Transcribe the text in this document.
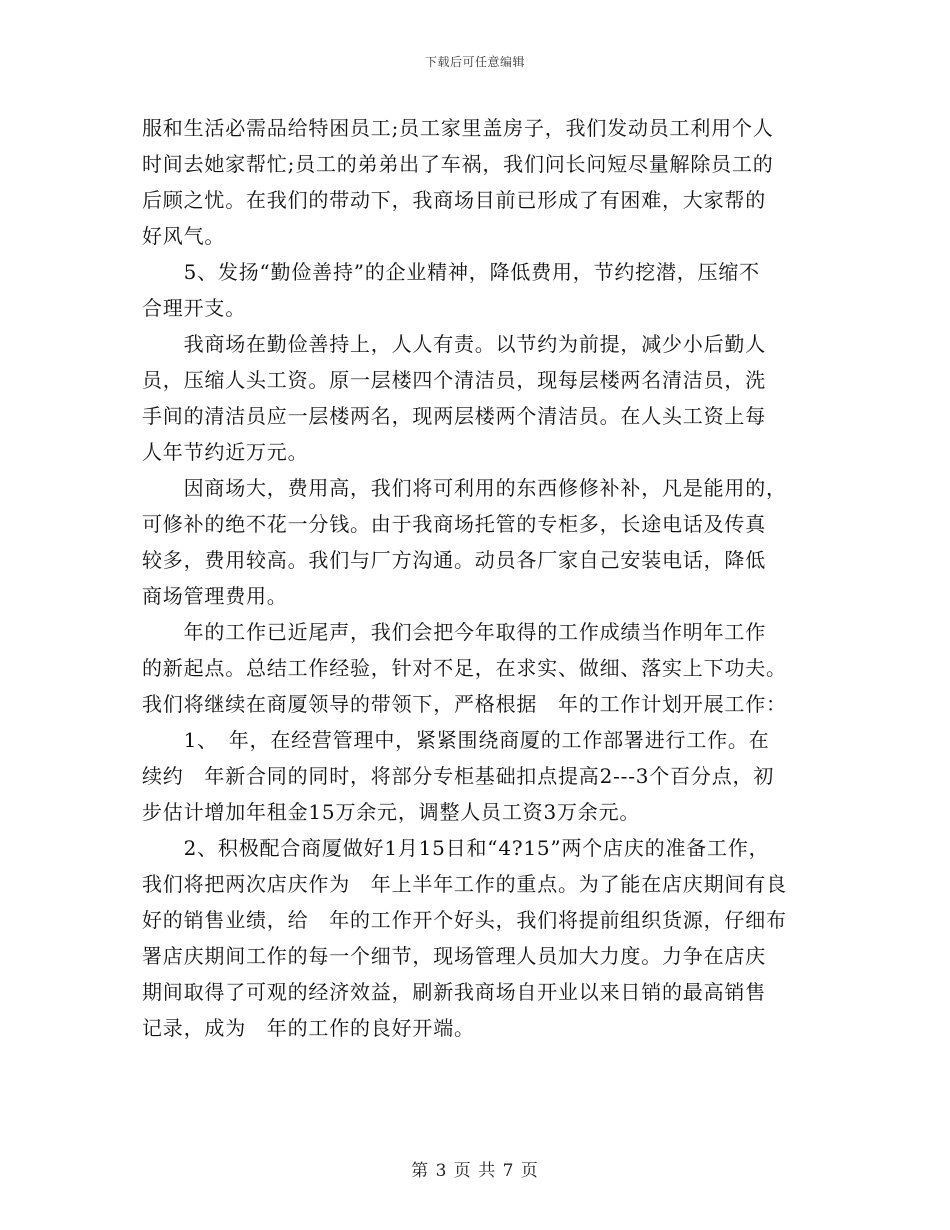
下载后可任意编辑
服和生活必需品给特困员工;员工家里盖房子，我们发动员工利用个人
时间去她家帮忙;员工的弟弟出了车祸，我们问长问短尽量解除员工的
后顾之忧。在我们的带动下，我商场目前已形成了有困难，大家帮的
好风气。
　　5、发扬“勤俭善持”的企业精神，降低费用，节约挖潜，压缩不
合理开支。
　　我商场在勤俭善持上，人人有责。以节约为前提，减少小后勤人
员，压缩人头工资。原一层楼四个清洁员，现每层楼两名清洁员，洗
手间的清洁员应一层楼两名，现两层楼两个清洁员。在人头工资上每
人年节约近万元。
　　因商场大，费用高，我们将可利用的东西修修补补，凡是能用的，
可修补的绝不花一分钱。由于我商场托管的专柜多，长途电话及传真
较多，费用较高。我们与厂方沟通。动员各厂家自己安装电话，降低
商场管理费用。
　　年的工作已近尾声，我们会把今年取得的工作成绩当作明年工作
的新起点。总结工作经验，针对不足，在求实、做细、落实上下功夫。
我们将继续在商厦领导的带领下，严格根据　年的工作计划开展工作：
　　1、　年，在经营管理中，紧紧围绕商厦的工作部署进行工作。在
续约　年新合同的同时，将部分专柜基础扣点提高2---3个百分点，初
步估计增加年租金15万余元，调整人员工资3万余元。
　　2、积极配合商厦做好1月15日和“4?15”两个店庆的准备工作，
我们将把两次店庆作为　年上半年工作的重点。为了能在店庆期间有良
好的销售业绩，给　年的工作开个好头，我们将提前组织货源，仔细布
署店庆期间工作的每一个细节，现场管理人员加大力度。力争在店庆
期间取得了可观的经济效益，刷新我商场自开业以来日销的最高销售
记录，成为　年的工作的良好开端。
第 3 页 共 7 页
